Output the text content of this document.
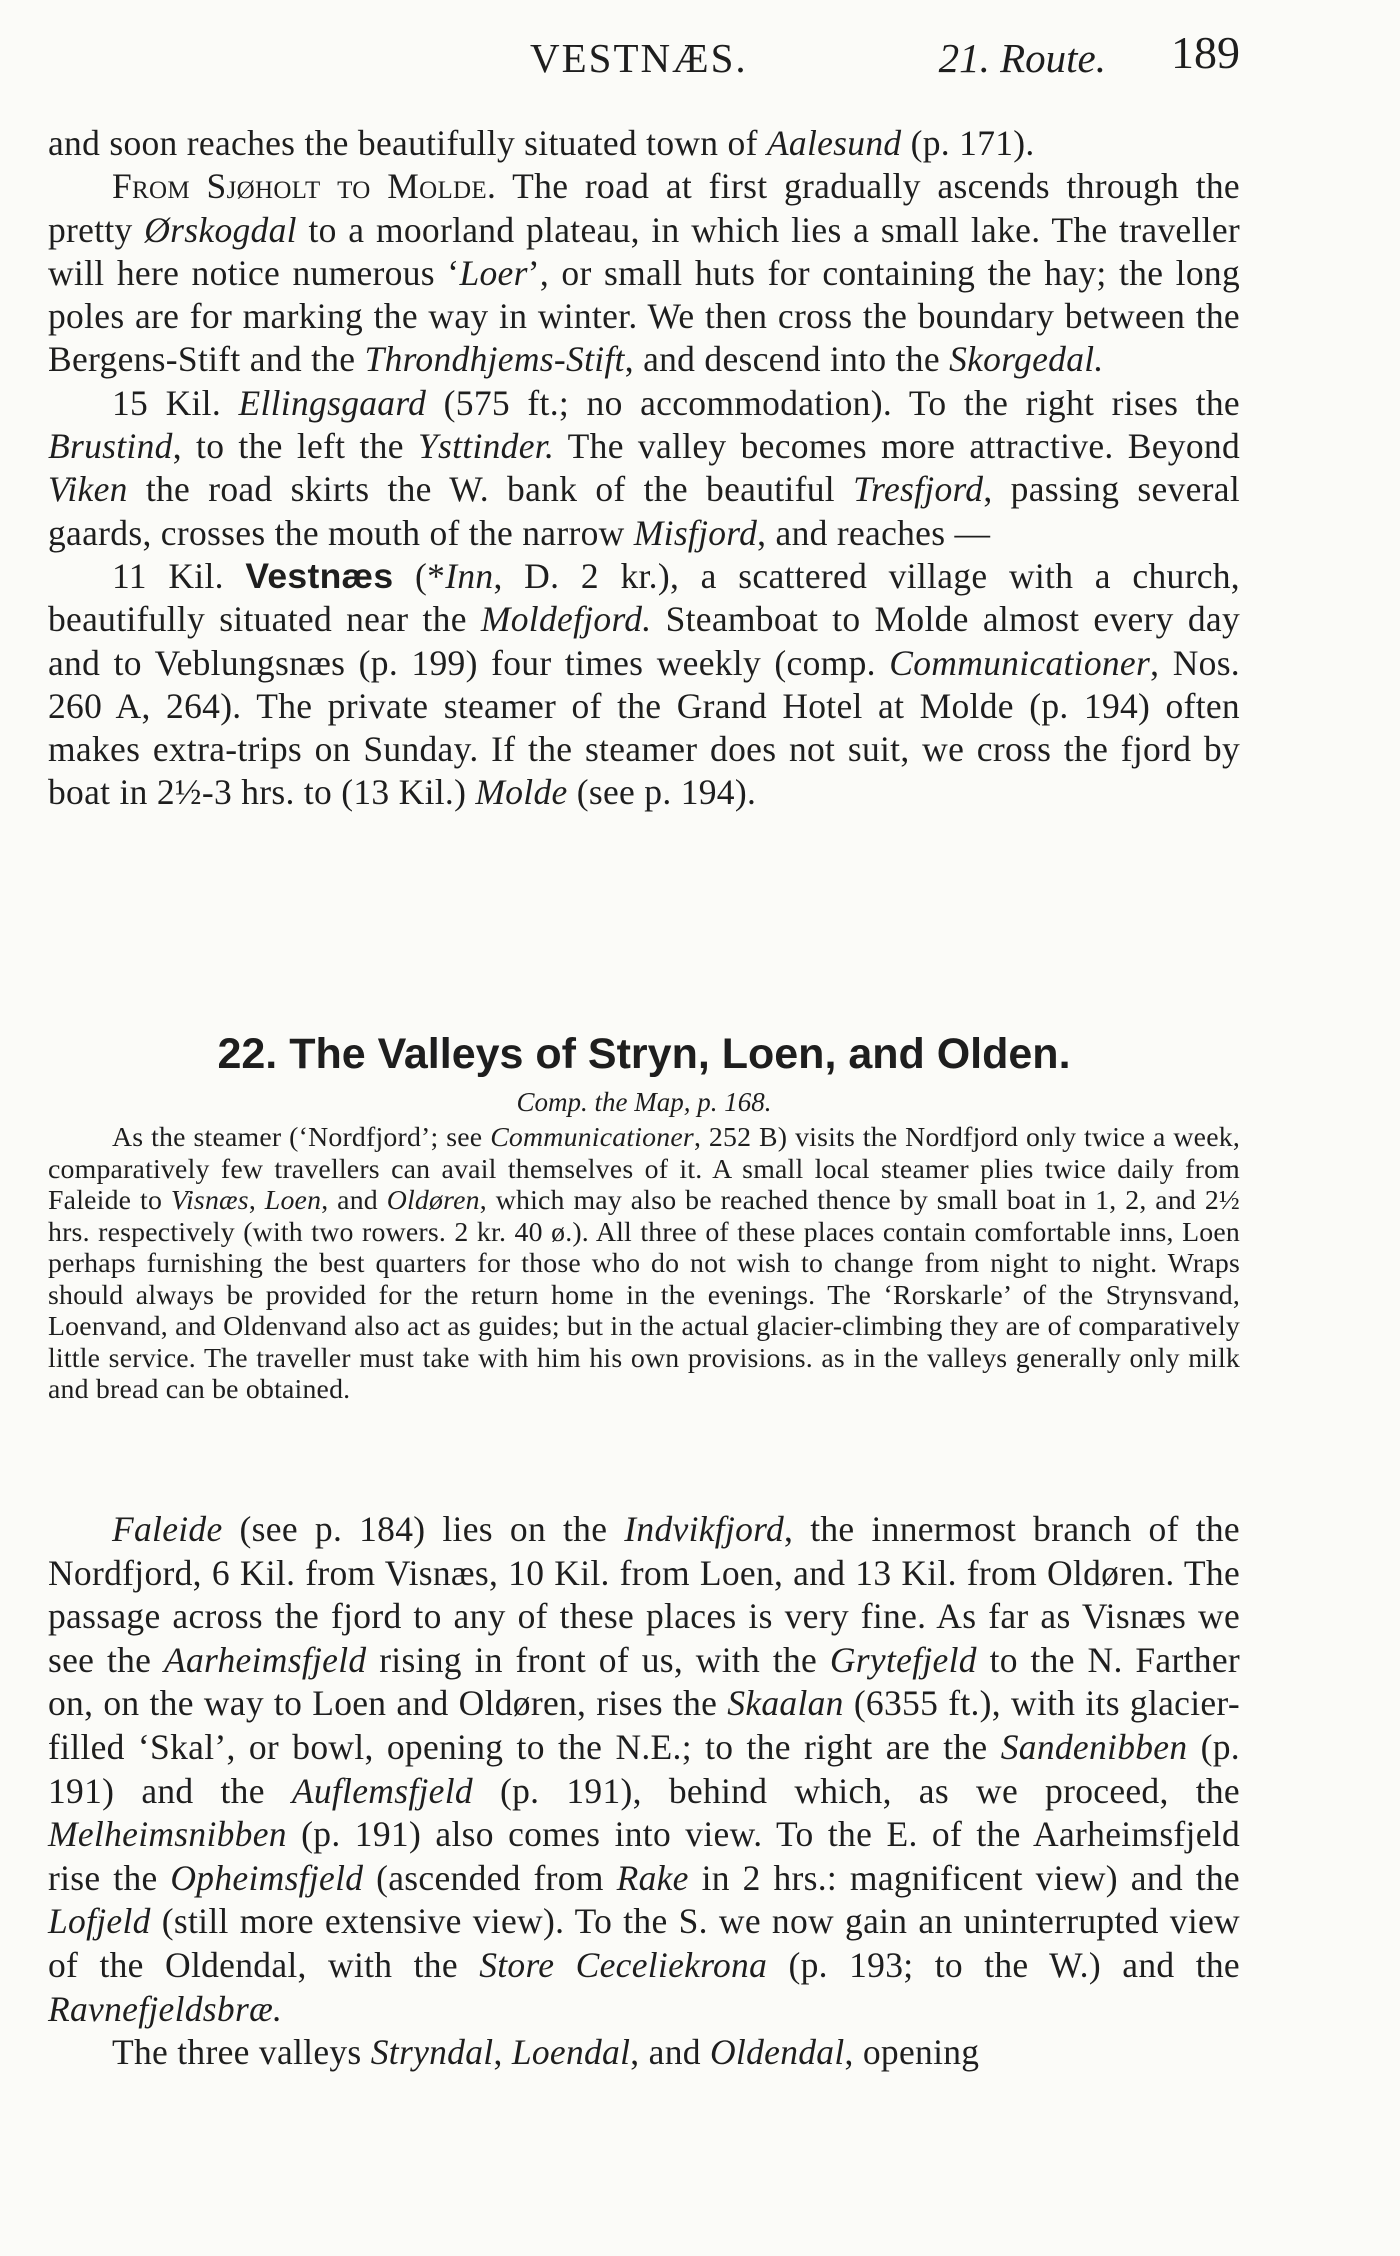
VESTNÆS.	21. Route. 189

and soon reaches the beautifully situated town of Aalesund (p. 171).

From Sjøholt to Molde. The road at first gradually ascends through the pretty Ørskogdal to a moorland plateau, in which lies a small lake. The traveller will here notice numerous ‘Loer’, or small huts for containing the hay; the long poles are for marking the way in winter. We then cross the boundary between the Bergens-Stift and the Throndhjems-Stift, and descend into the Skorgedal.

15 Kil. Ellingsgaard (575 ft.; no accommodation). To the right rises the Brustind, to the left the Ysttinder. The valley becomes more attractive. Beyond Viken the road skirts the W. bank of the beautiful Tresfjord, passing several gaards, crosses the mouth of the narrow Misfjord, and reaches —

11 Kil. Vestnæs (*Inn, D. 2 kr.), a scattered village with a church, beautifully situated near the Moldefjord. Steamboat to Molde almost every day and to Veblungsnæs (p. 199) four times weekly (comp. Communicationer, Nos. 260 A, 264). The private steamer of the Grand Hotel at Molde (p. 194) often makes extra-trips on Sunday. If the steamer does not suit, we cross the fjord by boat in 2½-3 hrs. to (13 Kil.) Molde (see p. 194).

22. The Valleys of Stryn, Loen, and Olden.
Comp. the Map, p. 168.

As the steamer (‘Nordfjord’; see Communicationer, 252 B) visits the Nordfjord only twice a week, comparatively few travellers can avail themselves of it. A small local steamer plies twice daily from Faleide to Visnæs, Loen, and Oldøren, which may also be reached thence by small boat in 1, 2, and 2½ hrs. respectively (with two rowers. 2 kr. 40 ø.). All three of these places contain comfortable inns, Loen perhaps furnishing the best quarters for those who do not wish to change from night to night. Wraps should always be provided for the return home in the evenings. The ‘Rorskarle’ of the Strynsvand, Loenvand, and Oldenvand also act as guides; but in the actual glacier-climbing they are of comparatively little service. The traveller must take with him his own provisions. as in the valleys generally only milk and bread can be obtained.

Faleide (see p. 184) lies on the Indvikfjord, the innermost branch of the Nordfjord, 6 Kil. from Visnæs, 10 Kil. from Loen, and 13 Kil. from Oldøren. The passage across the fjord to any of these places is very fine. As far as Visnæs we see the Aarheimsfjeld rising in front of us, with the Grytefjeld to the N. Farther on, on the way to Loen and Oldøren, rises the Skaalan (6355 ft.), with its glacier-filled ‘Skal’, or bowl, opening to the N.E.; to the right are the Sandenibben (p. 191) and the Auflemsfjeld (p. 191), behind which, as we proceed, the Melheimsnibben (p. 191) also comes into view. To the E. of the Aarheimsfjeld rise the Opheimsfjeld (ascended from Rake in 2 hrs.: magnificent view) and the Lofjeld (still more extensive view). To the S. we now gain an uninterrupted view of the Oldendal, with the Store Ceceliekrona (p. 193; to the W.) and the Ravnefjeldsbræ.

The three valleys Stryndal, Loendal, and Oldendal, opening
